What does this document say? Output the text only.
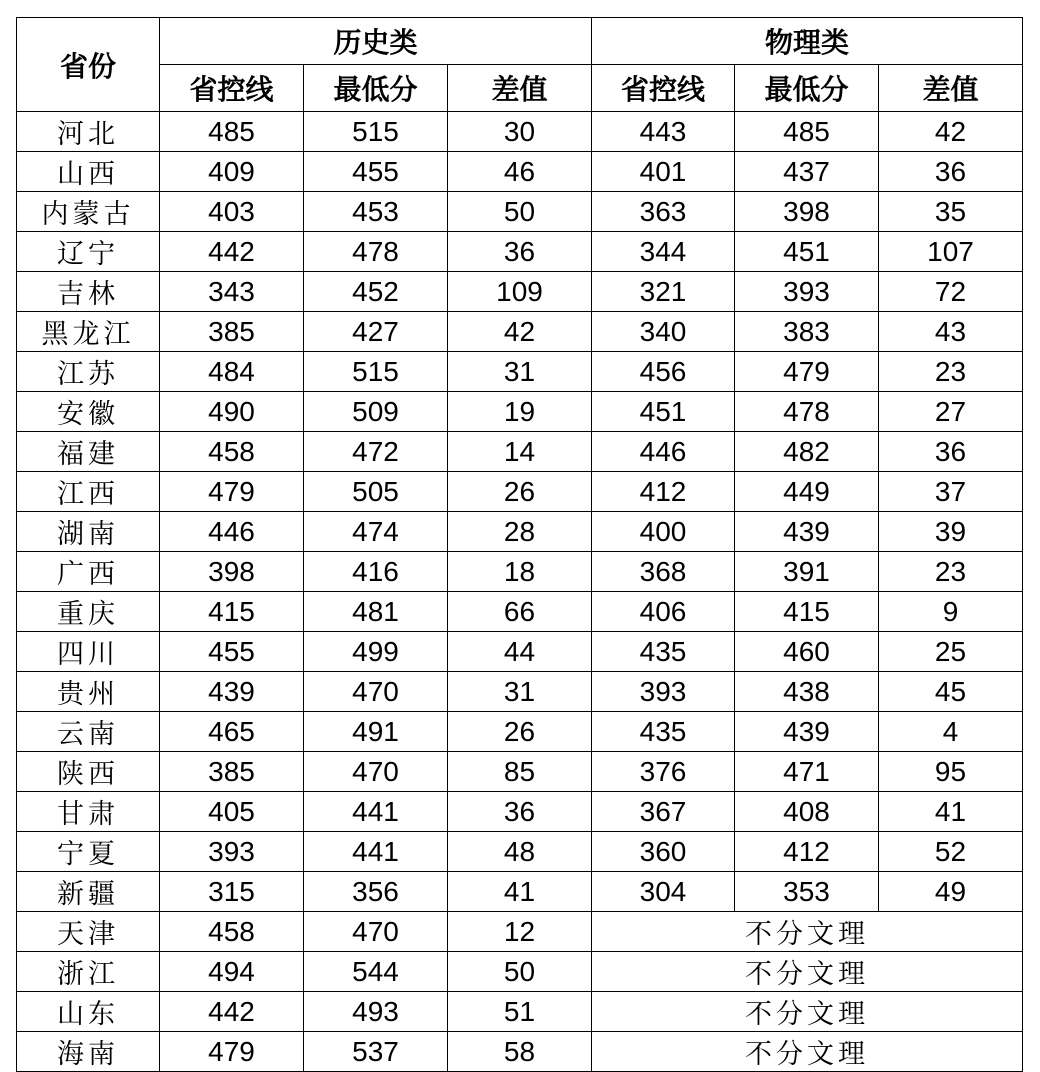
省份	历史类			物理类		
	省控线	最低分	差值	省控线	最低分	差值
河北	485	515	30	443	485	42
山西	409	455	46	401	437	36
内蒙古	403	453	50	363	398	35
辽宁	442	478	36	344	451	107
吉林	343	452	109	321	393	72
黑龙江	385	427	42	340	383	43
江苏	484	515	31	456	479	23
安徽	490	509	19	451	478	27
福建	458	472	14	446	482	36
江西	479	505	26	412	449	37
湖南	446	474	28	400	439	39
广西	398	416	18	368	391	23
重庆	415	481	66	406	415	9
四川	455	499	44	435	460	25
贵州	439	470	31	393	438	45
云南	465	491	26	435	439	4
陕西	385	470	85	376	471	95
甘肃	405	441	36	367	408	41
宁夏	393	441	48	360	412	52
新疆	315	356	41	304	353	49
天津	458	470	12	不分文理		
浙江	494	544	50	不分文理		
山东	442	493	51	不分文理		
海南	479	537	58	不分文理		
